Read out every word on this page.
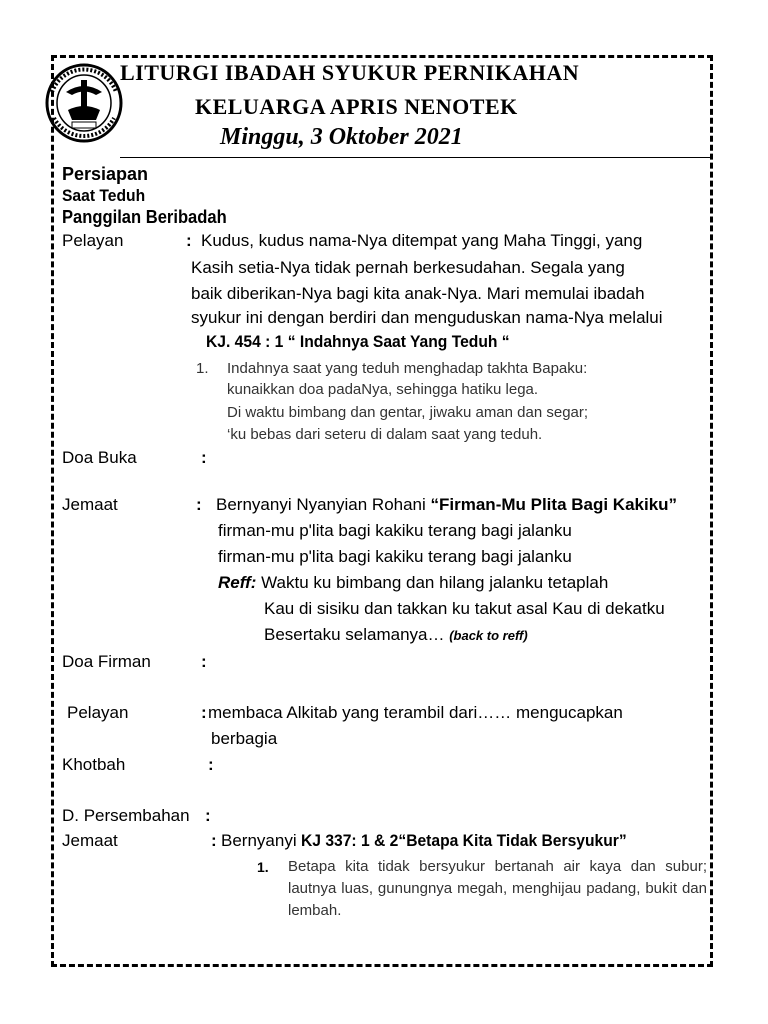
LITURGI IBADAH SYUKUR PERNIKAHAN
KELUARGA APRIS NENOTEK
Minggu, 3 Oktober 2021
Persiapan
Saat Teduh
Panggilan Beribadah
Pelayan	: Kudus, kudus nama-Nya ditempat yang Maha Tinggi, yang
Kasih setia-Nya tidak pernah berkesudahan. Segala yang
baik diberikan-Nya bagi kita anak-Nya. Mari memulai ibadah
syukur ini dengan berdiri dan menguduskan nama-Nya melalui
KJ. 454 : 1 “ Indahnya Saat Yang Teduh “
1. Indahnya saat yang teduh menghadap takhta Bapaku:
kunaikkan doa padaNya, sehingga hatiku lega.
Di waktu bimbang dan gentar, jiwaku aman dan segar;
‘ku bebas dari seteru di dalam saat yang teduh.
Doa Buka	:
Jemaat	: Bernyanyi Nyanyian Rohani “Firman-Mu Plita Bagi Kakiku”
firman-mu p'lita bagi kakiku terang bagi jalanku
firman-mu p'lita bagi kakiku terang bagi jalanku
Reff: Waktu ku bimbang dan hilang jalanku tetaplah
Kau di sisiku dan takkan ku takut asal Kau di dekatku
Besertaku selamanya… (back to reff)
Doa Firman	:
Pelayan	: membaca Alkitab yang terambil dari…… mengucapkan
berbagia
Khotbah	:
D. Persembahan :
Jemaat	: Bernyanyi KJ 337: 1 & 2“Betapa Kita Tidak Bersyukur”
1. Betapa kita tidak bersyukur bertanah air kaya dan subur; lautnya luas, gunungnya megah, menghijau padang, bukit dan lembah.
